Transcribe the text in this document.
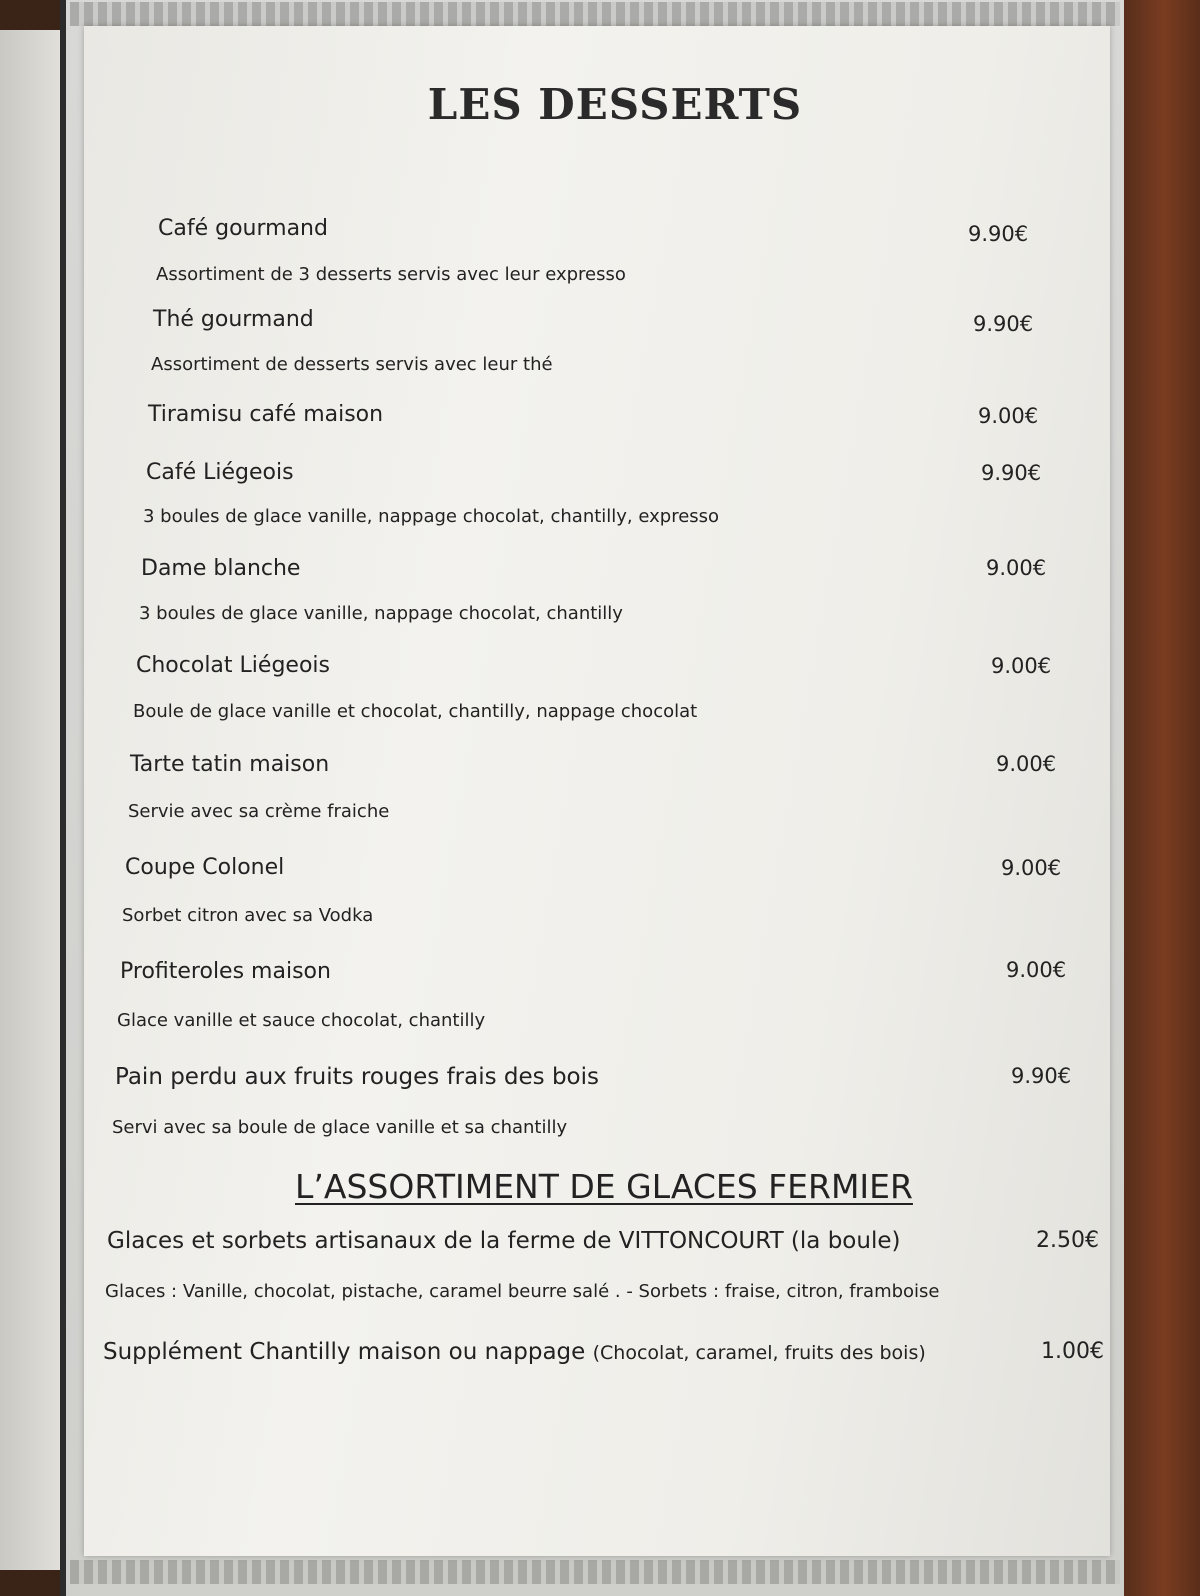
LES DESSERTS
Café gourmand	9.90€
Assortiment de 3 desserts servis avec leur expresso
Thé gourmand	9.90€
Assortiment de desserts servis avec leur thé
Tiramisu café maison	9.00€
Café Liégeois	9.90€
3 boules de glace vanille, nappage chocolat, chantilly, expresso
Dame blanche	9.00€
3 boules de glace vanille, nappage chocolat, chantilly
Chocolat Liégeois	9.00€
Boule de glace vanille et chocolat, chantilly, nappage chocolat
Tarte tatin maison	9.00€
Servie avec sa crème fraiche
Coupe Colonel	9.00€
Sorbet citron avec sa Vodka
Profiteroles maison	9.00€
Glace vanille et sauce chocolat, chantilly
Pain perdu aux fruits rouges frais des bois	9.90€
Servi avec sa boule de glace vanille et sa chantilly
L’ASSORTIMENT DE GLACES FERMIER
Glaces et sorbets artisanaux de la ferme de VITTONCOURT (la boule)	2.50€
Glaces : Vanille, chocolat, pistache, caramel beurre salé . - Sorbets : fraise, citron, framboise
Supplément Chantilly maison ou nappage (Chocolat, caramel, fruits des bois)	1.00€
